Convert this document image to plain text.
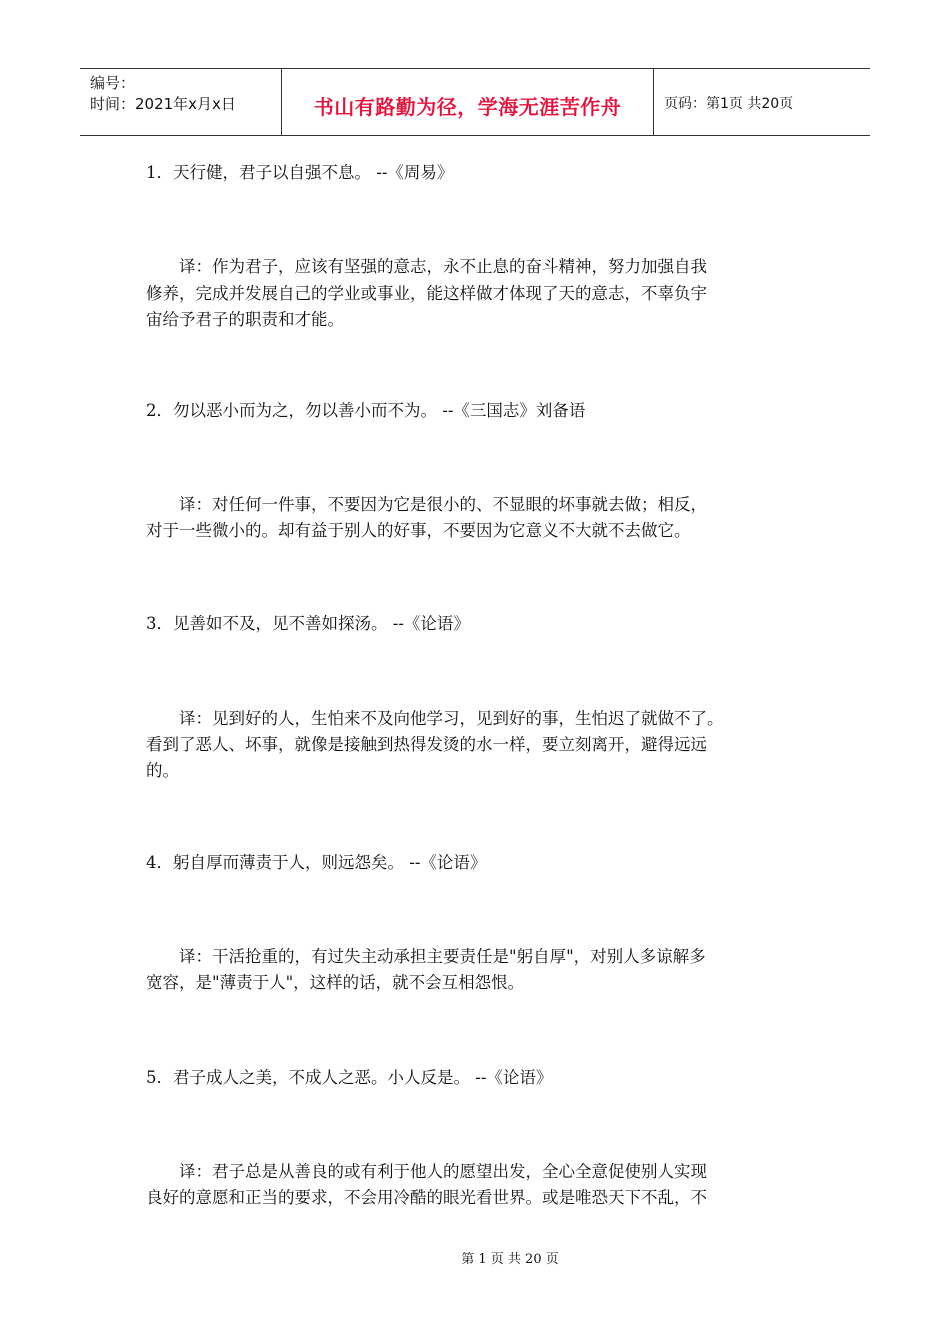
编号：
时间：2021年x月x日	书山有路勤为径，学海无涯苦作舟	页码：第1页 共20页
1．天行健，君子以自强不息。 --《周易》
　　译：作为君子，应该有坚强的意志，永不止息的奋斗精神，努力加强自我
修养，完成并发展自己的学业或事业，能这样做才体现了天的意志，不辜负宇
宙给予君子的职责和才能。
2．勿以恶小而为之，勿以善小而不为。 --《三国志》刘备语
　　译：对任何一件事，不要因为它是很小的、不显眼的坏事就去做；相反，
对于一些微小的。却有益于别人的好事，不要因为它意义不大就不去做它。
3．见善如不及，见不善如探汤。 --《论语》
　　译：见到好的人，生怕来不及向他学习，见到好的事，生怕迟了就做不了。
看到了恶人、坏事，就像是接触到热得发烫的水一样，要立刻离开，避得远远
的。
4．躬自厚而薄责于人，则远怨矣。 --《论语》
　　译：干活抢重的，有过失主动承担主要责任是"躬自厚"，对别人多谅解多
宽容，是"薄责于人"，这样的话，就不会互相怨恨。
5．君子成人之美，不成人之恶。小人反是。 --《论语》
　　译：君子总是从善良的或有利于他人的愿望出发，全心全意促使别人实现
良好的意愿和正当的要求，不会用冷酷的眼光看世界。或是唯恐天下不乱，不
第 1 页 共 20 页
